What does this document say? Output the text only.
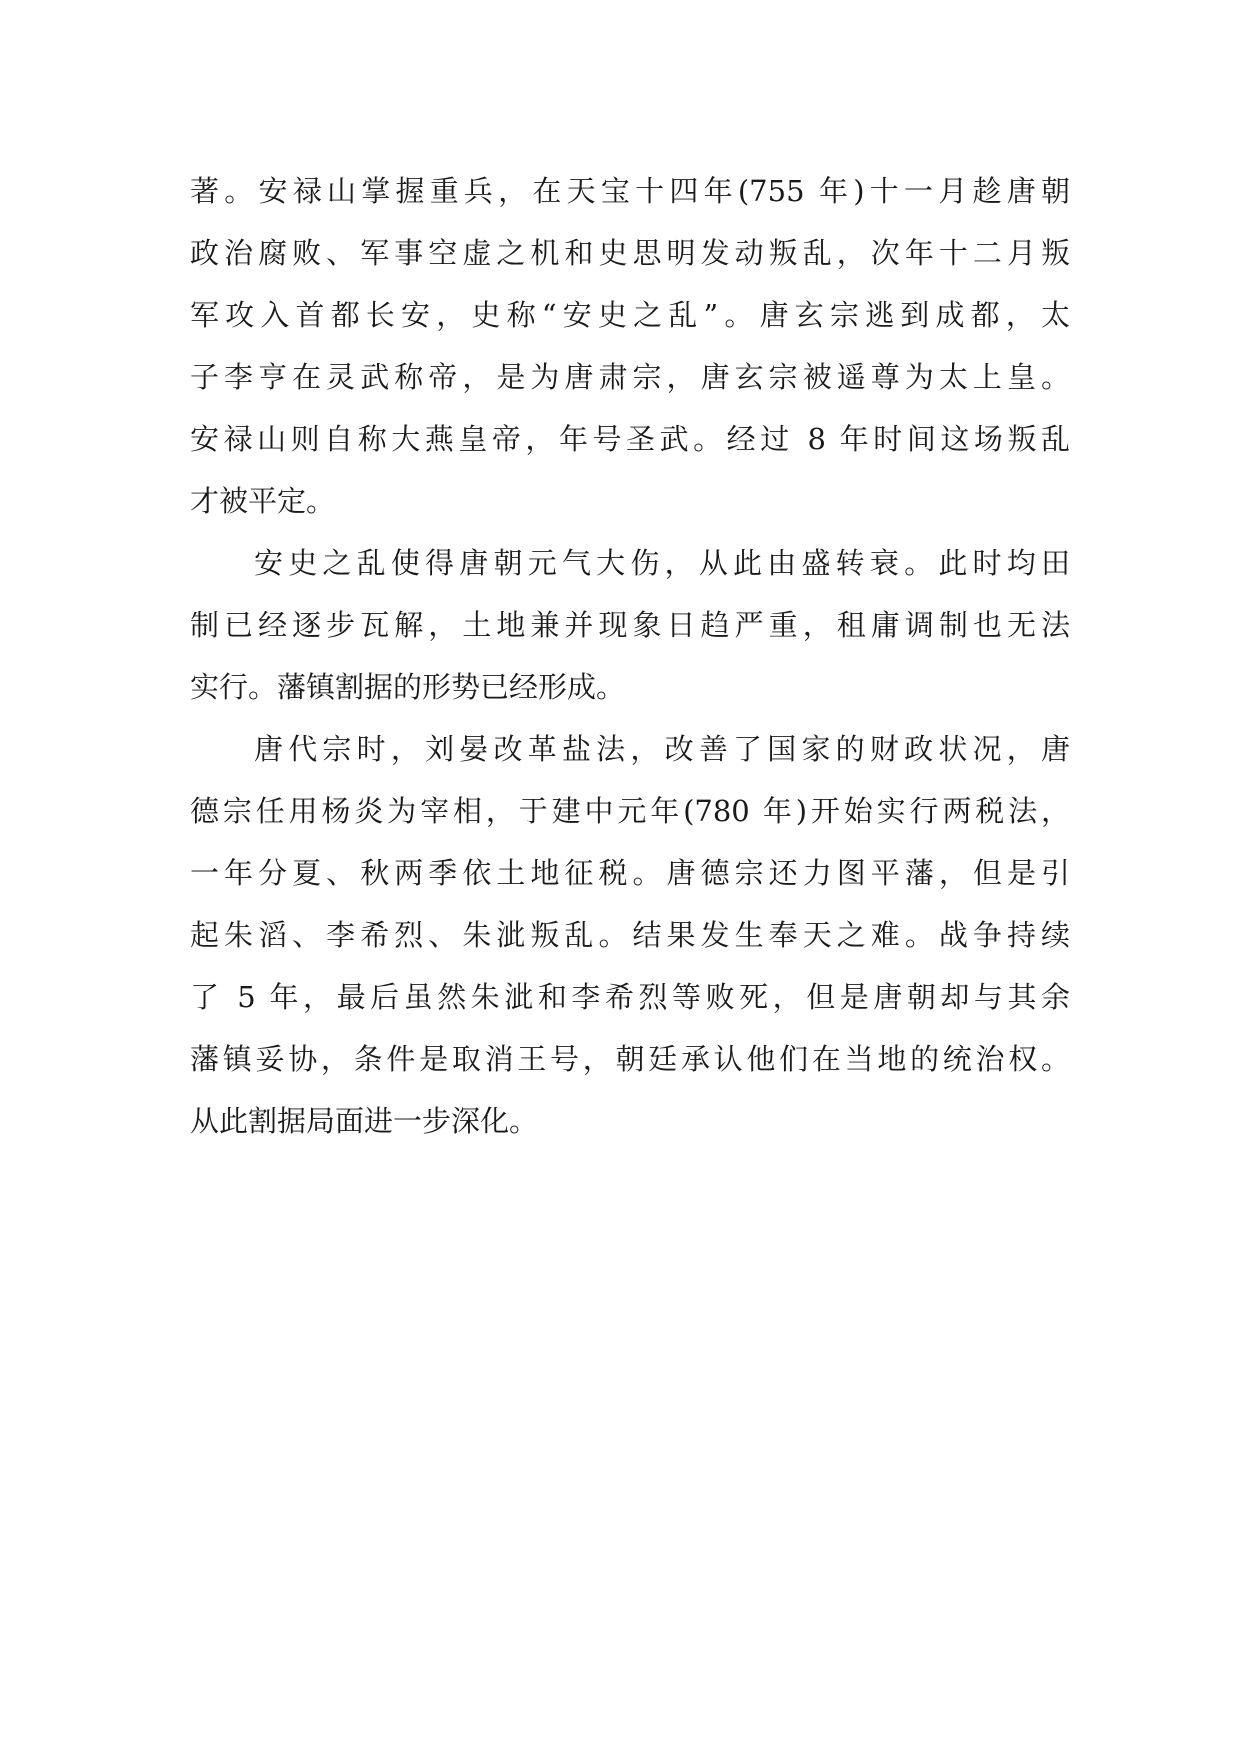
著。安禄山掌握重兵，在天宝十四年(755 年)十一月趁唐朝
政治腐败、军事空虚之机和史思明发动叛乱，次年十二月叛
军攻入首都长安，史称“安史之乱”。唐玄宗逃到成都，太
子李亨在灵武称帝，是为唐肃宗，唐玄宗被遥尊为太上皇。
安禄山则自称大燕皇帝，年号圣武。经过 8 年时间这场叛乱
才被平定。
安史之乱使得唐朝元气大伤，从此由盛转衰。此时均田
制已经逐步瓦解，土地兼并现象日趋严重，租庸调制也无法
实行。藩镇割据的形势已经形成。
唐代宗时，刘晏改革盐法，改善了国家的财政状况，唐
德宗任用杨炎为宰相，于建中元年(780 年)开始实行两税法，
一年分夏、秋两季依土地征税。唐德宗还力图平藩，但是引
起朱滔、李希烈、朱泚叛乱。结果发生奉天之难。战争持续
了 5 年，最后虽然朱泚和李希烈等败死，但是唐朝却与其余
藩镇妥协，条件是取消王号，朝廷承认他们在当地的统治权。
从此割据局面进一步深化。
